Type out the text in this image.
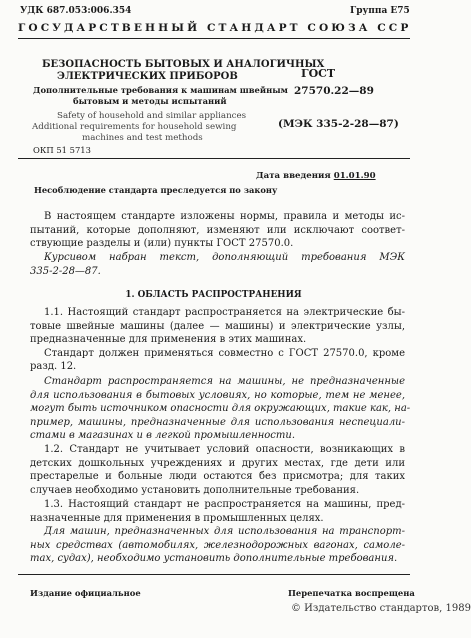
УДК 687.053:006.354	Группа Е75
ГОСУДАРСТВЕННЫЙ СТАНДАРТ СОЮЗА ССР
БЕЗОПАСНОСТЬ БЫТОВЫХ И АНАЛОГИЧНЫХ
ЭЛЕКТРИЧЕСКИХ ПРИБОРОВ
Дополнительные требования к машинам швейным
бытовым и методы испытаний
Safety of household and similar appliances
Additional requirements for household sewing
machines and test methods
ОКП 51 5713
ГОСТ
27570.22—89
(МЭК 335-2-28—87)
Дата введения 01.01.90
Несоблюдение стандарта преследуется по закону
В настоящем стандарте изложены нормы, правила и методы ис-
пытаний, которые дополняют, изменяют или исключают соответ-
ствующие разделы и (или) пункты ГОСТ 27570.0.
Курсивом набран текст, дополняющий требования МЭК
335-2-28—87.
1. ОБЛАСТЬ РАСПРОСТРАНЕНИЯ
1.1. Настоящий стандарт распространяется на электрические бы-
товые швейные машины (далее — машины) и электрические узлы,
предназначенные для применения в этих машинах.
Стандарт должен применяться совместно с ГОСТ 27570.0, кроме
разд. 12.
Стандарт распространяется на машины, не предназначенные
для использования в бытовых условиях, но которые, тем не менее,
могут быть источником опасности для окружающих, такие как, на-
пример, машины, предназначенные для использования неспециали-
стами в магазинах и в легкой промышленности.
1.2. Стандарт не учитывает условий опасности, возникающих в
детских дошкольных учреждениях и других местах, где дети или
престарелые и больные люди остаются без присмотра; для таких
случаев необходимо установить дополнительные требования.
1.3. Настоящий стандарт не распространяется на машины, пред-
назначенные для применения в промышленных целях.
Для машин, предназначенных для использования на транспорт-
ных средствах (автомобилях, железнодорожных вагонах, самоле-
тах, судах), необходимо установить дополнительные требования.
Издание официальное	Перепечатка воспрещена
© Издательство стандартов, 1989
